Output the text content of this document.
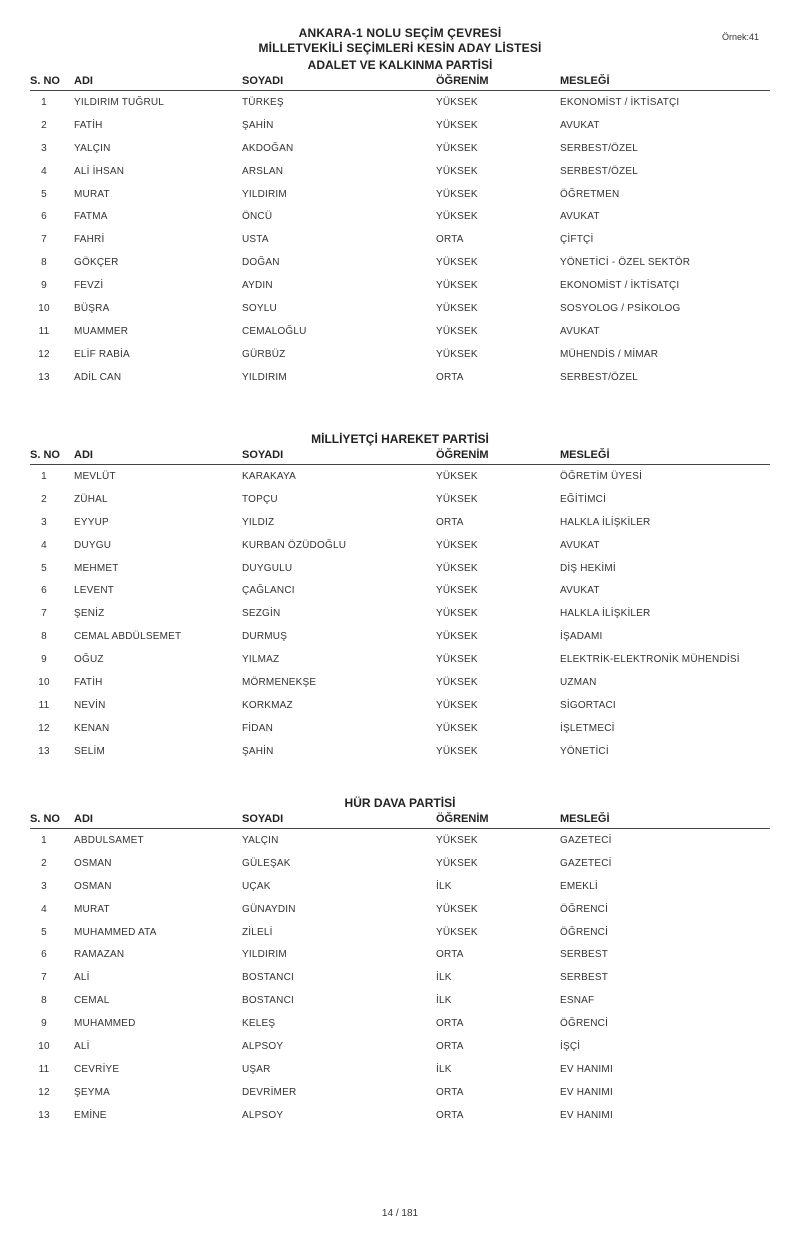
Örnek:41
ANKARA-1 NOLU SEÇİM ÇEVRESİ
MİLLETVEKİLİ SEÇİMLERİ KESİN ADAY LİSTESİ
ADALET VE KALKINMA PARTİSİ
S. NO ADI	SOYADI	ÖĞRENİM	MESLEĞİ
1	YILDIRIM TUĞRUL	TÜRKEŞ	YÜKSEK	EKONOMİST / İKTİSATÇI
2	FATİH	ŞAHİN	YÜKSEK	AVUKAT
3	YALÇIN	AKDOĞAN	YÜKSEK	SERBEST/ÖZEL
4	ALİ İHSAN	ARSLAN	YÜKSEK	SERBEST/ÖZEL
5	MURAT	YILDIRIM	YÜKSEK	ÖĞRETMEN
6	FATMA	ÖNCÜ	YÜKSEK	AVUKAT
7	FAHRİ	USTA	ORTA	ÇİFTÇİ
8	GÖKÇER	DOĞAN	YÜKSEK	YÖNETİCİ - ÖZEL SEKTÖR
9	FEVZİ	AYDIN	YÜKSEK	EKONOMİST / İKTİSATÇI
10	BÜŞRA	SOYLU	YÜKSEK	SOSYOLOG / PSİKOLOG
11	MUAMMER	CEMALOĞLU	YÜKSEK	AVUKAT
12	ELİF RABİA	GÜRBÜZ	YÜKSEK	MÜHENDİS / MİMAR
13	ADİL CAN	YILDIRIM	ORTA	SERBEST/ÖZEL
MİLLİYETÇİ HAREKET PARTİSİ
S. NO ADI	SOYADI	ÖĞRENİM	MESLEĞİ
1	MEVLÜT	KARAKAYA	YÜKSEK	ÖĞRETİM ÜYESİ
2	ZÜHAL	TOPÇU	YÜKSEK	EĞİTİMCİ
3	EYYUP	YILDIZ	ORTA	HALKLA İLİŞKİLER
4	DUYGU	KURBAN ÖZÜDOĞLU	YÜKSEK	AVUKAT
5	MEHMET	DUYGULU	YÜKSEK	DİŞ HEKİMİ
6	LEVENT	ÇAĞLANCI	YÜKSEK	AVUKAT
7	ŞENİZ	SEZGİN	YÜKSEK	HALKLA İLİŞKİLER
8	CEMAL ABDÜLSEMET	DURMUŞ	YÜKSEK	İŞADAMI
9	OĞUZ	YILMAZ	YÜKSEK	ELEKTRİK-ELEKTRONİK MÜHENDİSİ
10	FATİH	MÖRMENEKŞE	YÜKSEK	UZMAN
11	NEVİN	KORKMAZ	YÜKSEK	SİGORTACI
12	KENAN	FİDAN	YÜKSEK	İŞLETMECİ
13	SELİM	ŞAHİN	YÜKSEK	YÖNETİCİ
HÜR DAVA PARTİSİ
S. NO ADI	SOYADI	ÖĞRENİM	MESLEĞİ
1	ABDULSAMET	YALÇIN	YÜKSEK	GAZETECİ
2	OSMAN	GÜLEŞAK	YÜKSEK	GAZETECİ
3	OSMAN	UÇAK	İLK	EMEKLİ
4	MURAT	GÜNAYDIN	YÜKSEK	ÖĞRENCİ
5	MUHAMMED ATA	ZİLELİ	YÜKSEK	ÖĞRENCİ
6	RAMAZAN	YILDIRIM	ORTA	SERBEST
7	ALİ	BOSTANCI	İLK	SERBEST
8	CEMAL	BOSTANCI	İLK	ESNAF
9	MUHAMMED	KELEŞ	ORTA	ÖĞRENCİ
10	ALİ	ALPSOY	ORTA	İŞÇİ
11	CEVRİYE	UŞAR	İLK	EV HANIMI
12	ŞEYMA	DEVRİMER	ORTA	EV HANIMI
13	EMİNE	ALPSOY	ORTA	EV HANIMI
14 / 181
